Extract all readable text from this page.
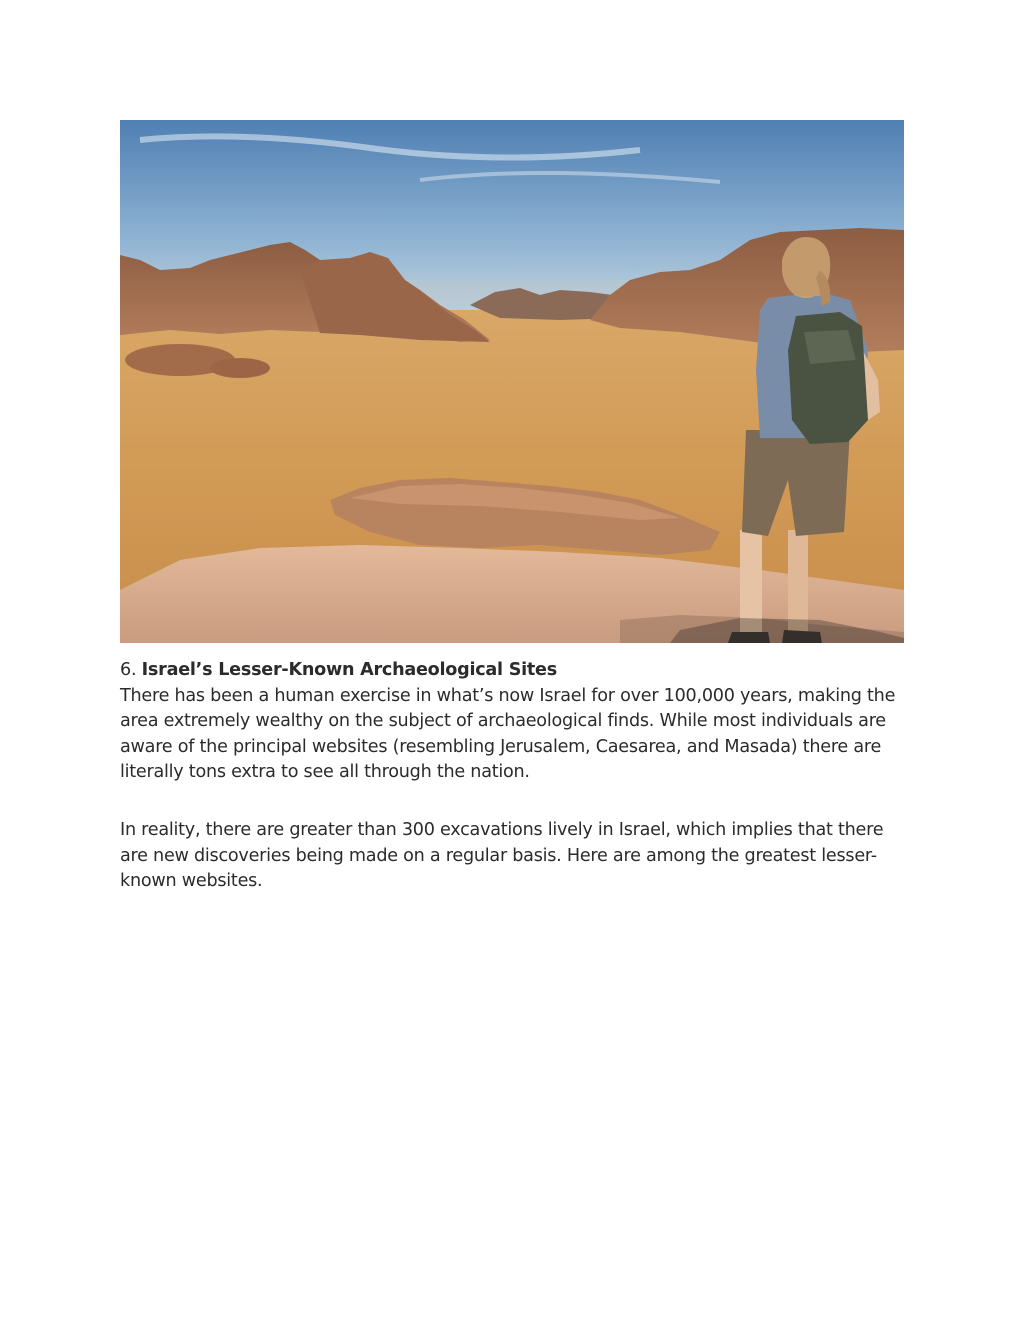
6. Israel’s Lesser-Known Archaeological Sites

There has been a human exercise in what’s now Israel for over 100,000 years, making the area extremely wealthy on the subject of archaeological finds. While most individuals are aware of the principal websites (resembling Jerusalem, Caesarea, and Masada) there are literally tons extra to see all through the nation.

In reality, there are greater than 300 excavations lively in Israel, which implies that there are new discoveries being made on a regular basis. Here are among the greatest lesser-known websites.
